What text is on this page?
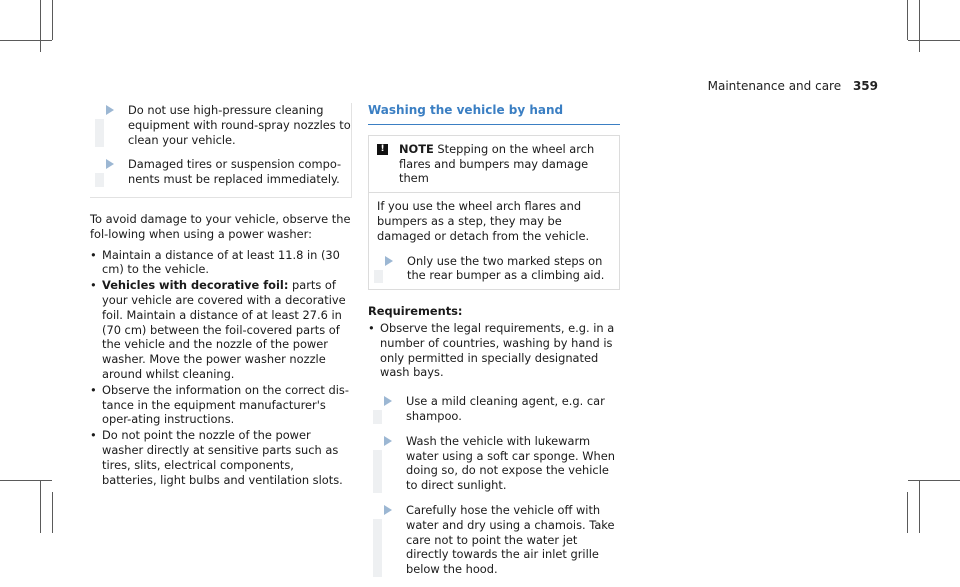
Maintenance and care 359
Do not use high-pressure cleaning equipment with round-spray nozzles to clean your vehicle.
Damaged tires or suspension compo-nents must be replaced immediately.

To avoid damage to your vehicle, observe the fol-lowing when using a power washer:

• Maintain a distance of at least 11.8 in (30 cm) to the vehicle.
• Vehicles with decorative foil: parts of your vehicle are covered with a decorative foil. Maintain a distance of at least 27.6 in (70 cm) between the foil-covered parts of the vehicle and the nozzle of the power washer. Move the power washer nozzle around whilst cleaning.
• Observe the information on the correct dis-tance in the equipment manufacturer's oper-ating instructions.
• Do not point the nozzle of the power washer directly at sensitive parts such as tires, slits, electrical components, batteries, light bulbs and ventilation slots.
Washing the vehicle by hand
!	NOTE Stepping on the wheel arch flares and bumpers may damage them

If you use the wheel arch flares and bumpers as a step, they may be damaged or detach from the vehicle.

Only use the two marked steps on the rear bumper as a climbing aid.
Requirements:
• Observe the legal requirements, e.g. in a number of countries, washing by hand is only permitted in specially designated wash bays.
Use a mild cleaning agent, e.g. car shampoo.
Wash the vehicle with lukewarm water using a soft car sponge. When doing so, do not expose the vehicle to direct sunlight.
Carefully hose the vehicle off with water and dry using a chamois. Take care not to point the water jet directly towards the air inlet grille below the hood.
